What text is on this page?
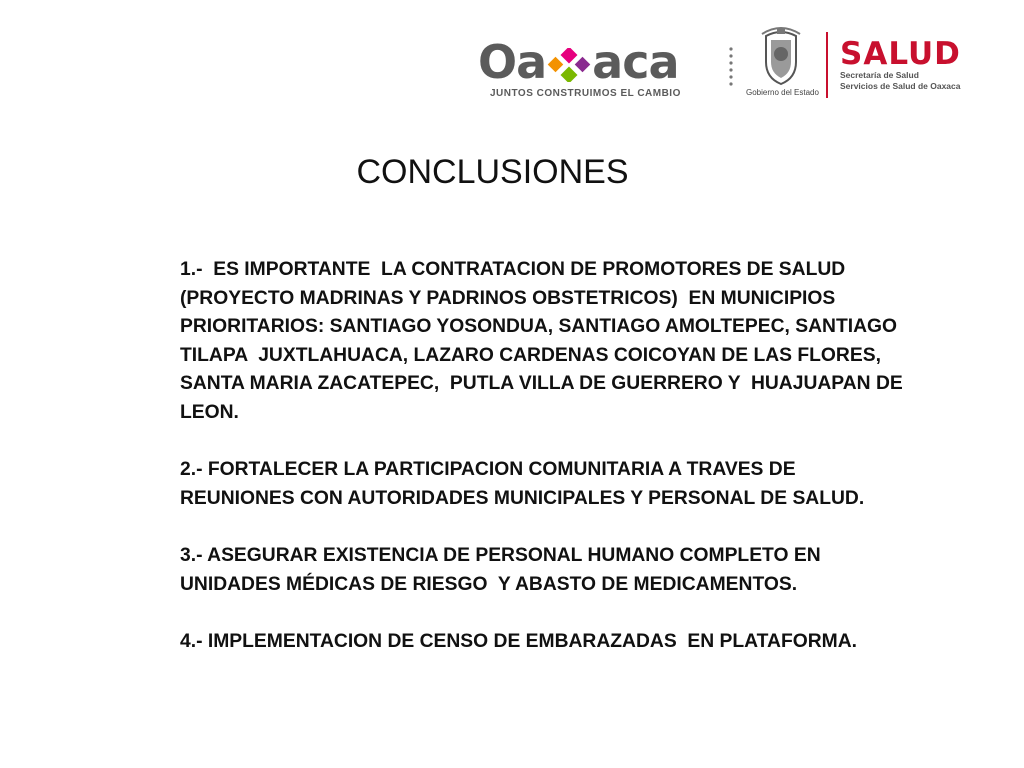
Oa aca
JUNTOS CONSTRUIMOS EL CAMBIO	Gobierno del Estado
SALUD
Secretaría de Salud
Servicios de Salud de Oaxaca
CONCLUSIONES

1.-  ES IMPORTANTE  LA CONTRATACION DE PROMOTORES DE SALUD
(PROYECTO MADRINAS Y PADRINOS OBSTETRICOS)  EN MUNICIPIOS
PRIORITARIOS: SANTIAGO YOSONDUA, SANTIAGO AMOLTEPEC, SANTIAGO
TILAPA  JUXTLAHUACA, LAZARO CARDENAS COICOYAN DE LAS FLORES,
SANTA MARIA ZACATEPEC,  PUTLA VILLA DE GUERRERO Y  HUAJUAPAN DE
LEON.

2.- FORTALECER LA PARTICIPACION COMUNITARIA A TRAVES DE
REUNIONES CON AUTORIDADES MUNICIPALES Y PERSONAL DE SALUD.

3.- ASEGURAR EXISTENCIA DE PERSONAL HUMANO COMPLETO EN
UNIDADES MÉDICAS DE RIESGO  Y ABASTO DE MEDICAMENTOS.

4.- IMPLEMENTACION DE CENSO DE EMBARAZADAS  EN PLATAFORMA.
